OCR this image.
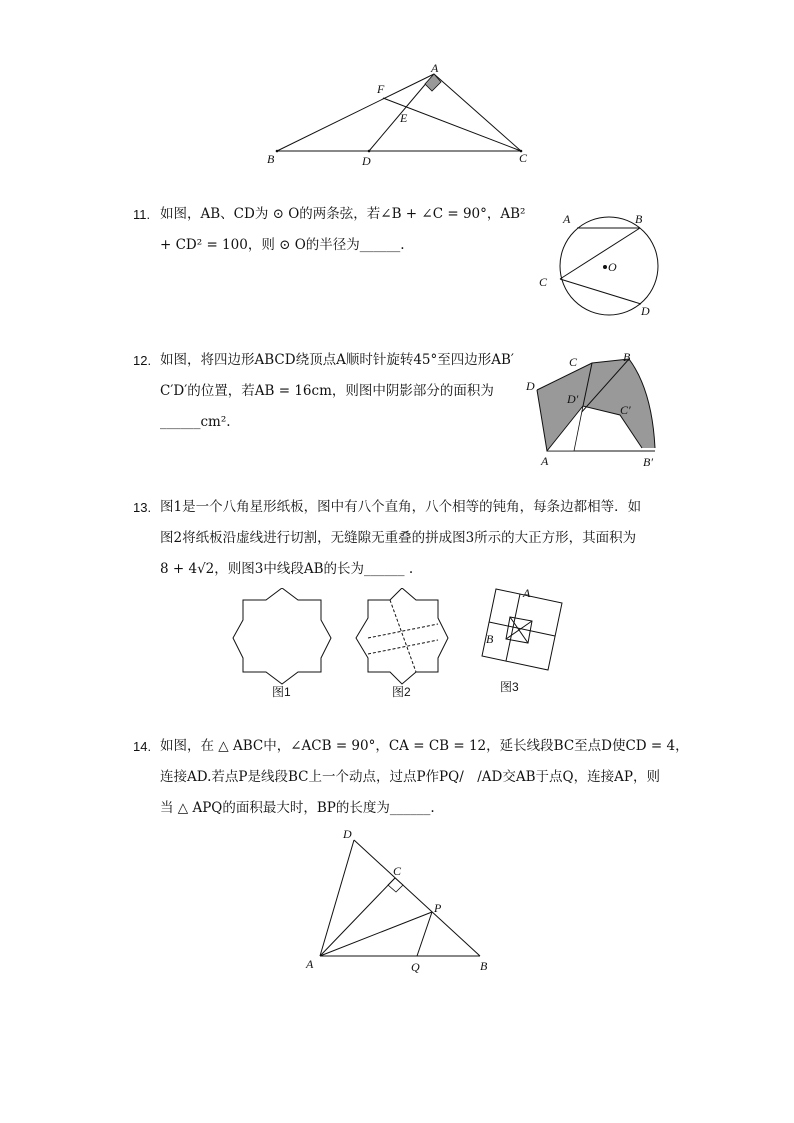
A
F
E
B	D	C
11. 如图，AB、CD为 ⊙ O的两条弦，若∠B + ∠C = 90°，AB²
+ CD² = 100，则 ⊙ O的半径为______.
A	B
C
O
D
12. 如图，将四边形ABCD绕顶点A顺时针旋转45°至四边形AB′
C′D′的位置，若AB = 16cm，则图中阴影部分的面积为
______cm².
C	B
D
D′
C′
A	B′
13. 图1是一个八角星形纸板，图中有八个直角，八个相等的钝角，每条边都相等．如
图2将纸板沿虚线进行切割，无缝隙无重叠的拼成图3所示的大正方形，其面积为
8 + 4√2，则图3中线段AB的长为______ .
图1	图2
A
B
图3
14. 如图，在 △ ABC中，∠ACB = 90°，CA = CB = 12，延长线段BC至点D使CD = 4，
连接AD.若点P是线段BC上一个动点，过点P作PQ/　/AD交AB于点Q，连接AP，则
当 △ APQ的面积最大时，BP的长度为______.
D
C
P
A	Q	B
